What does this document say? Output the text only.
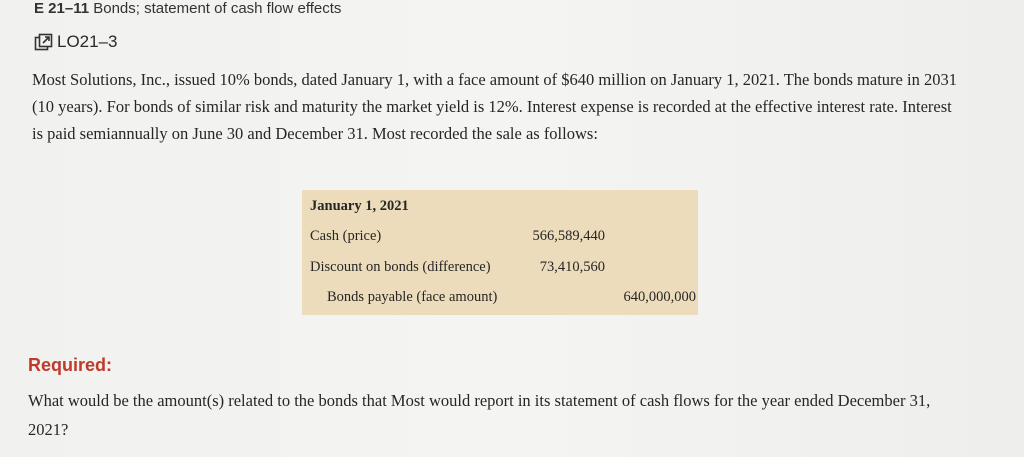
E 21–11 Bonds; statement of cash flow effects
LO21–3

Most Solutions, Inc., issued 10% bonds, dated January 1, with a face amount of $640 million on January 1, 2021. The bonds mature in 2031 (10 years). For bonds of similar risk and maturity the market yield is 12%. Interest expense is recorded at the effective interest rate. Interest is paid semiannually on June 30 and December 31. Most recorded the sale as follows:

January 1, 2021
Cash (price)	566,589,440
Discount on bonds (difference)	73,410,560
Bonds payable (face amount)	640,000,000
Required:

What would be the amount(s) related to the bonds that Most would report in its statement of cash flows for the year ended December 31, 2021?
